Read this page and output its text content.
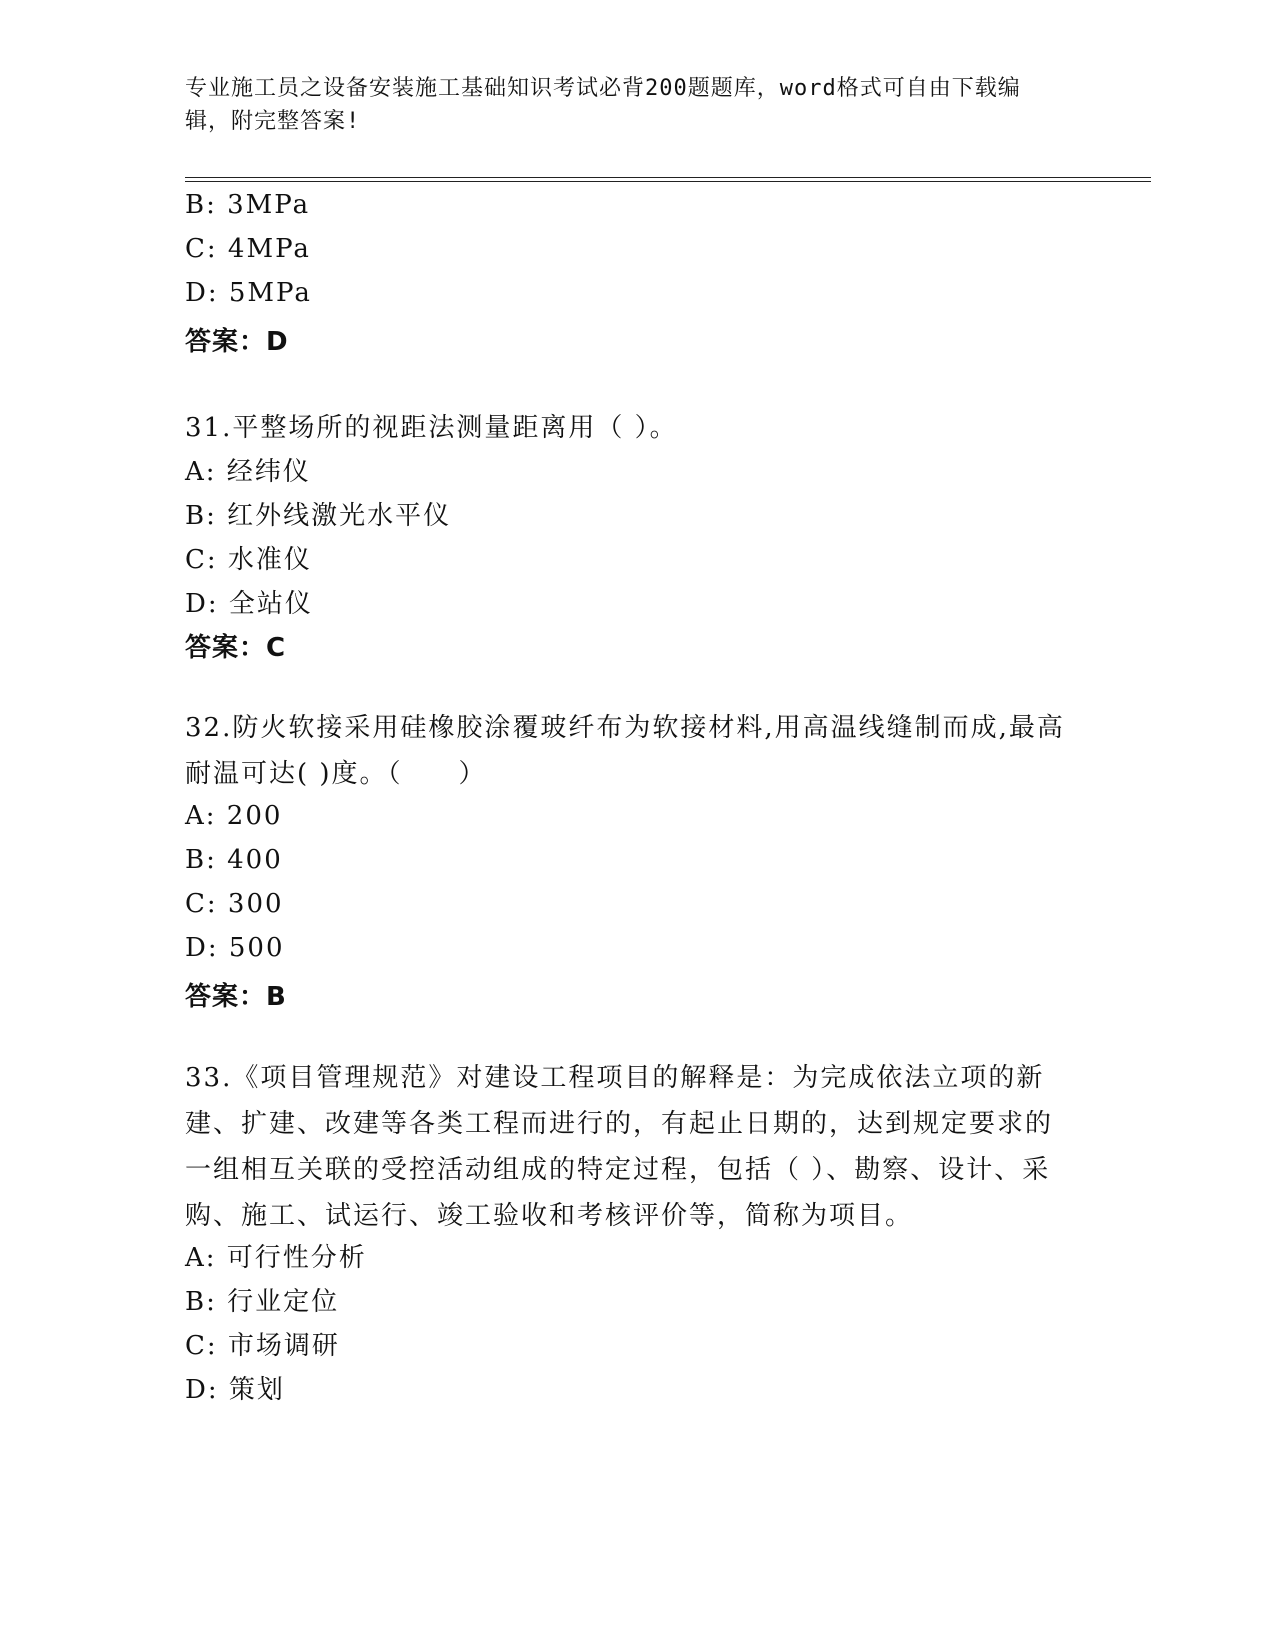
专业施工员之设备安装施工基础知识考试必背200题题库，word格式可自由下载编辑，附完整答案!
B: 3MPa
C: 4MPa
D: 5MPa
答案：D
31.平整场所的视距法测量距离用（ ）。
A: 经纬仪
B: 红外线激光水平仪
C: 水准仪
D: 全站仪
答案：C
32.防火软接采用硅橡胶涂覆玻纤布为软接材料,用高温线缝制而成,最高耐温可达( )度。（　　）
A: 200
B: 400
C: 300
D: 500
答案：B
33.《项目管理规范》对建设工程项目的解释是：为完成依法立项的新建、扩建、改建等各类工程而进行的，有起止日期的，达到规定要求的一组相互关联的受控活动组成的特定过程，包括（ ）、勘察、设计、采购、施工、试运行、竣工验收和考核评价等，简称为项目。
A: 可行性分析
B: 行业定位
C: 市场调研
D: 策划
